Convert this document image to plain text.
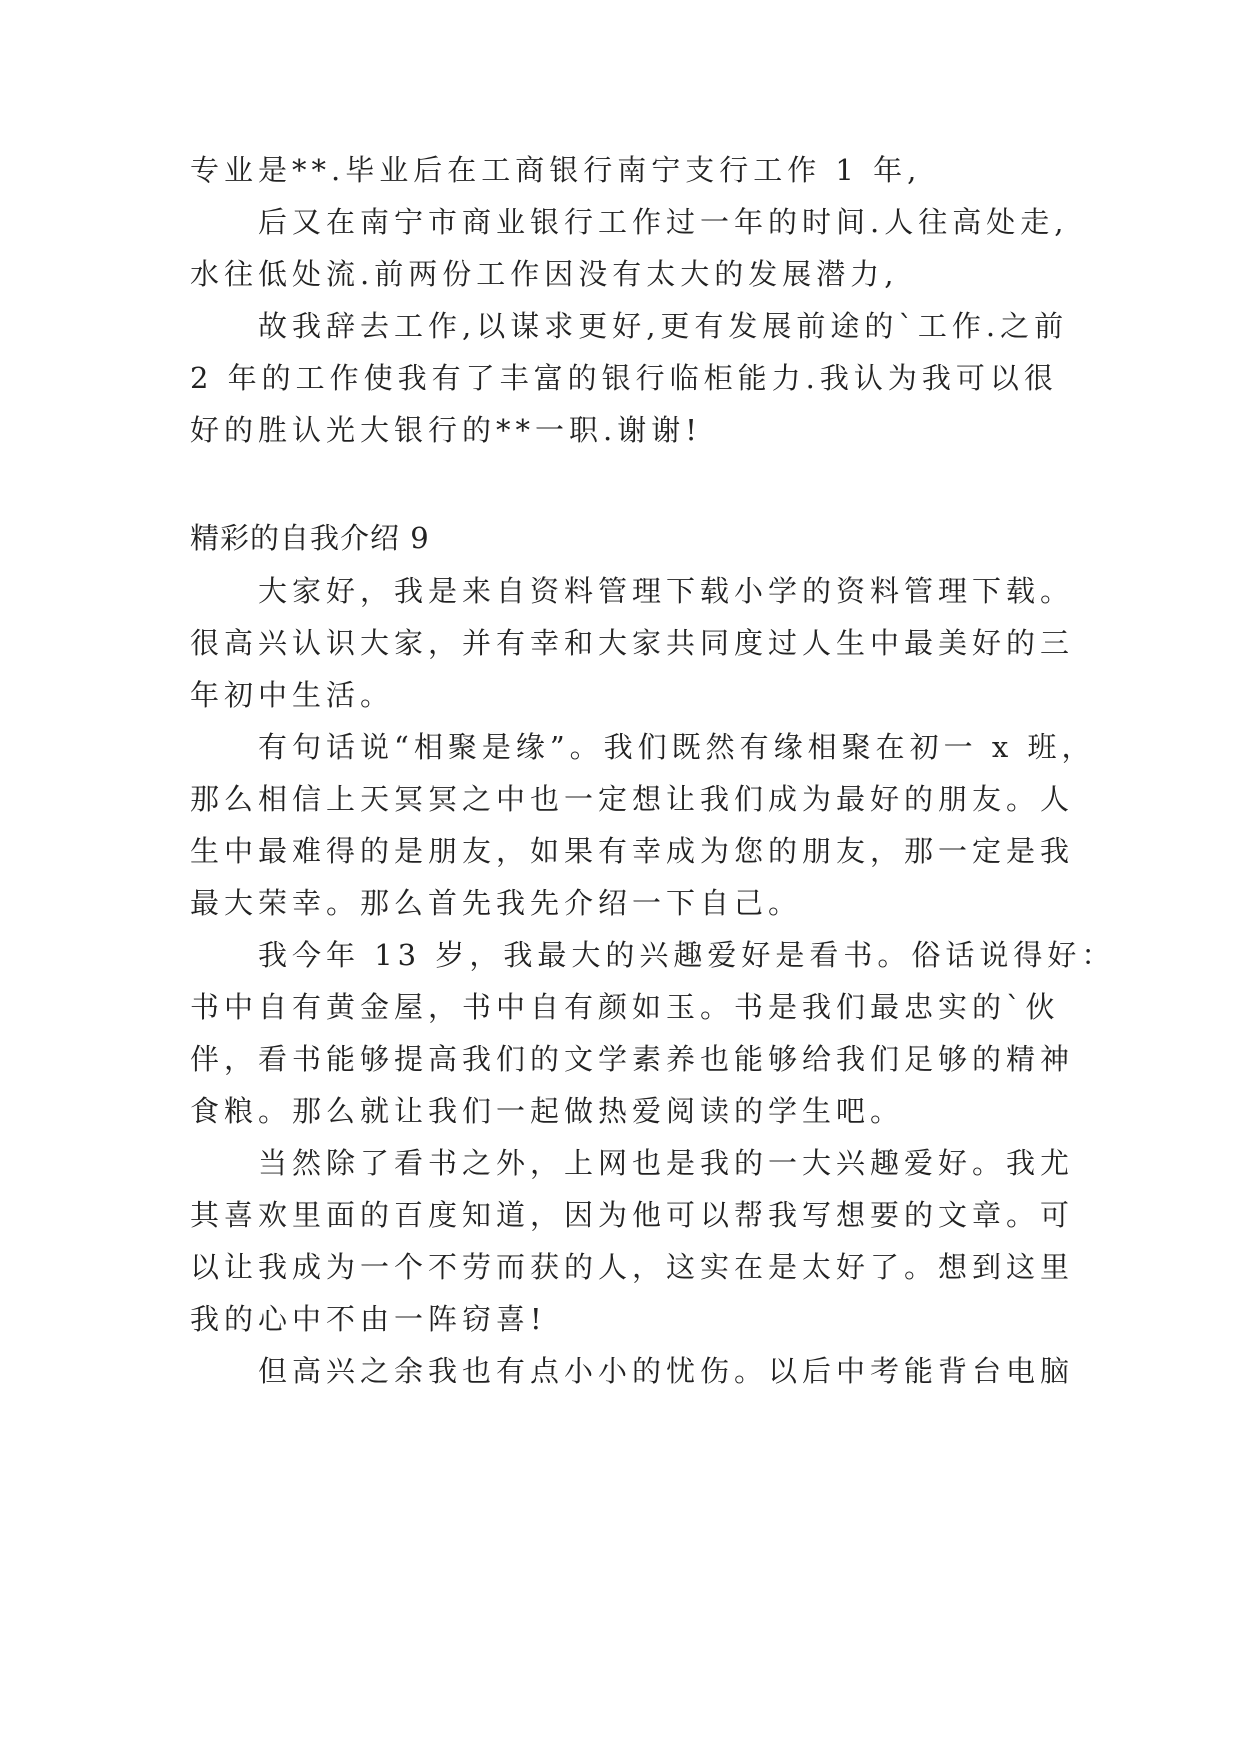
专业是**.毕业后在工商银行南宁支行工作 1 年,
后又在南宁市商业银行工作过一年的时间.人往高处走,
水往低处流.前两份工作因没有太大的发展潜力,
故我辞去工作,以谋求更好,更有发展前途的`工作.之前
2 年的工作使我有了丰富的银行临柜能力.我认为我可以很
好的胜认光大银行的**一职.谢谢!
精彩的自我介绍 9
大家好，我是来自资料管理下载小学的资料管理下载。
很高兴认识大家，并有幸和大家共同度过人生中最美好的三
年初中生活。
有句话说“相聚是缘”。我们既然有缘相聚在初一 x 班，
那么相信上天冥冥之中也一定想让我们成为最好的朋友。人
生中最难得的是朋友，如果有幸成为您的朋友，那一定是我
最大荣幸。那么首先我先介绍一下自己。
我今年 13 岁，我最大的兴趣爱好是看书。俗话说得好：
书中自有黄金屋，书中自有颜如玉。书是我们最忠实的`伙
伴，看书能够提高我们的文学素养也能够给我们足够的精神
食粮。那么就让我们一起做热爱阅读的学生吧。
当然除了看书之外，上网也是我的一大兴趣爱好。我尤
其喜欢里面的百度知道，因为他可以帮我写想要的文章。可
以让我成为一个不劳而获的人，这实在是太好了。想到这里
我的心中不由一阵窃喜!
但高兴之余我也有点小小的忧伤。以后中考能背台电脑
